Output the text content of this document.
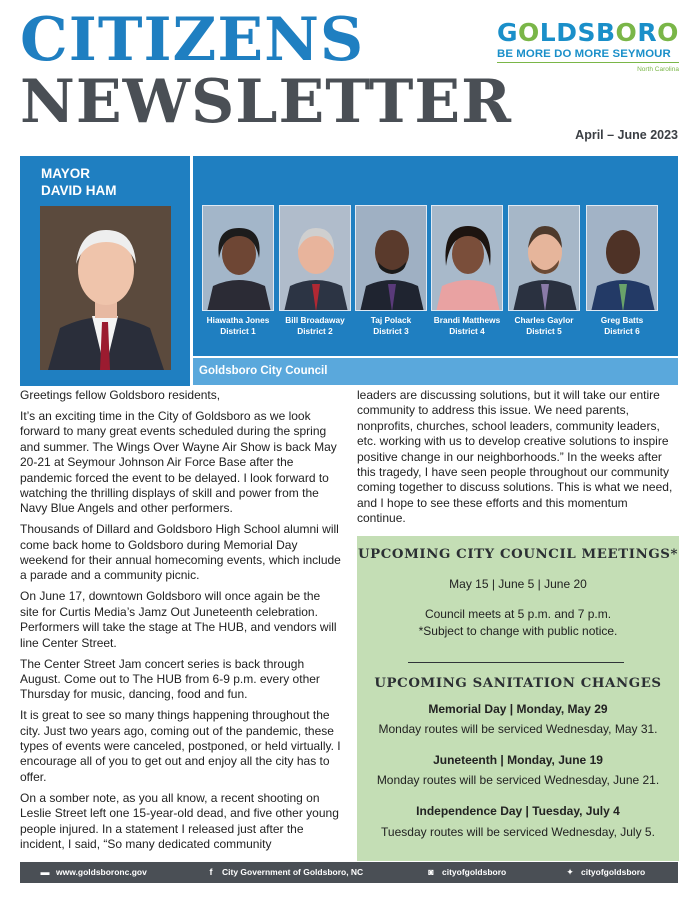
CITIZENS
NEWSLETTER
GOLDSBORO
BE MORE DO MORE SEYMOUR
North Carolina
April – June 2023
MAYOR
DAVID HAM
Hiawatha Jones
District 1
Bill Broadaway
District 2
Taj Polack
District 3
Brandi Matthews
District 4
Charles Gaylor
District 5
Greg Batts
District 6
Goldsboro City Council

Greetings fellow Goldsboro residents,

It’s an exciting time in the City of Goldsboro as we look forward to many great events scheduled during the spring and summer. The Wings Over Wayne Air Show is back May 20-21 at Seymour Johnson Air Force Base after the pandemic forced the event to be delayed. I look forward to watching the thrilling displays of skill and power from the Navy Blue Angels and other performers.

Thousands of Dillard and Goldsboro High School alumni will come back home to Goldsboro during Memorial Day weekend for their annual homecoming events, which include a parade and a community picnic.

On June 17, downtown Goldsboro will once again be the site for Curtis Media’s Jamz Out Juneteenth celebration. Performers will take the stage at The HUB, and vendors will line Center Street.

The Center Street Jam concert series is back through August. Come out to The HUB from 6-9 p.m. every other Thursday for music, dancing, food and fun.

It is great to see so many things happening throughout the city. Just two years ago, coming out of the pandemic, these types of events were canceled, postponed, or held virtually. I encourage all of you to get out and enjoy all the city has to offer.

On a somber note, as you all know, a recent shooting on Leslie Street left one 15-year-old dead, and five other young people injured. In a statement I released just after the incident, I said, “So many dedicated community

leaders are discussing solutions, but it will take our entire community to address this issue. We need parents, nonprofits, churches, school leaders, community leaders, etc. working with us to develop creative solutions to inspire positive change in our neighborhoods.” In the weeks after this tragedy, I have seen people throughout our community coming together to discuss solutions. This is what we need, and I hope to see these efforts and this momentum continue.

UPCOMING CITY COUNCIL MEETINGS*
May 15 | June 5 | June 20
Council meets at 5 p.m. and 7 p.m.
*Subject to change with public notice.
UPCOMING SANITATION CHANGES
Memorial Day | Monday, May 29
Monday routes will be serviced Wednesday, May 31.
Juneteenth | Monday, June 19
Monday routes will be serviced Wednesday, June 21.
Independence Day | Tuesday, July 4
Tuesday routes will be serviced Wednesday, July 5.
▬ www.goldsboronc.gov	f City Government of Goldsboro, NC	◙ cityofgoldsboro	✦ cityofgoldsboro
